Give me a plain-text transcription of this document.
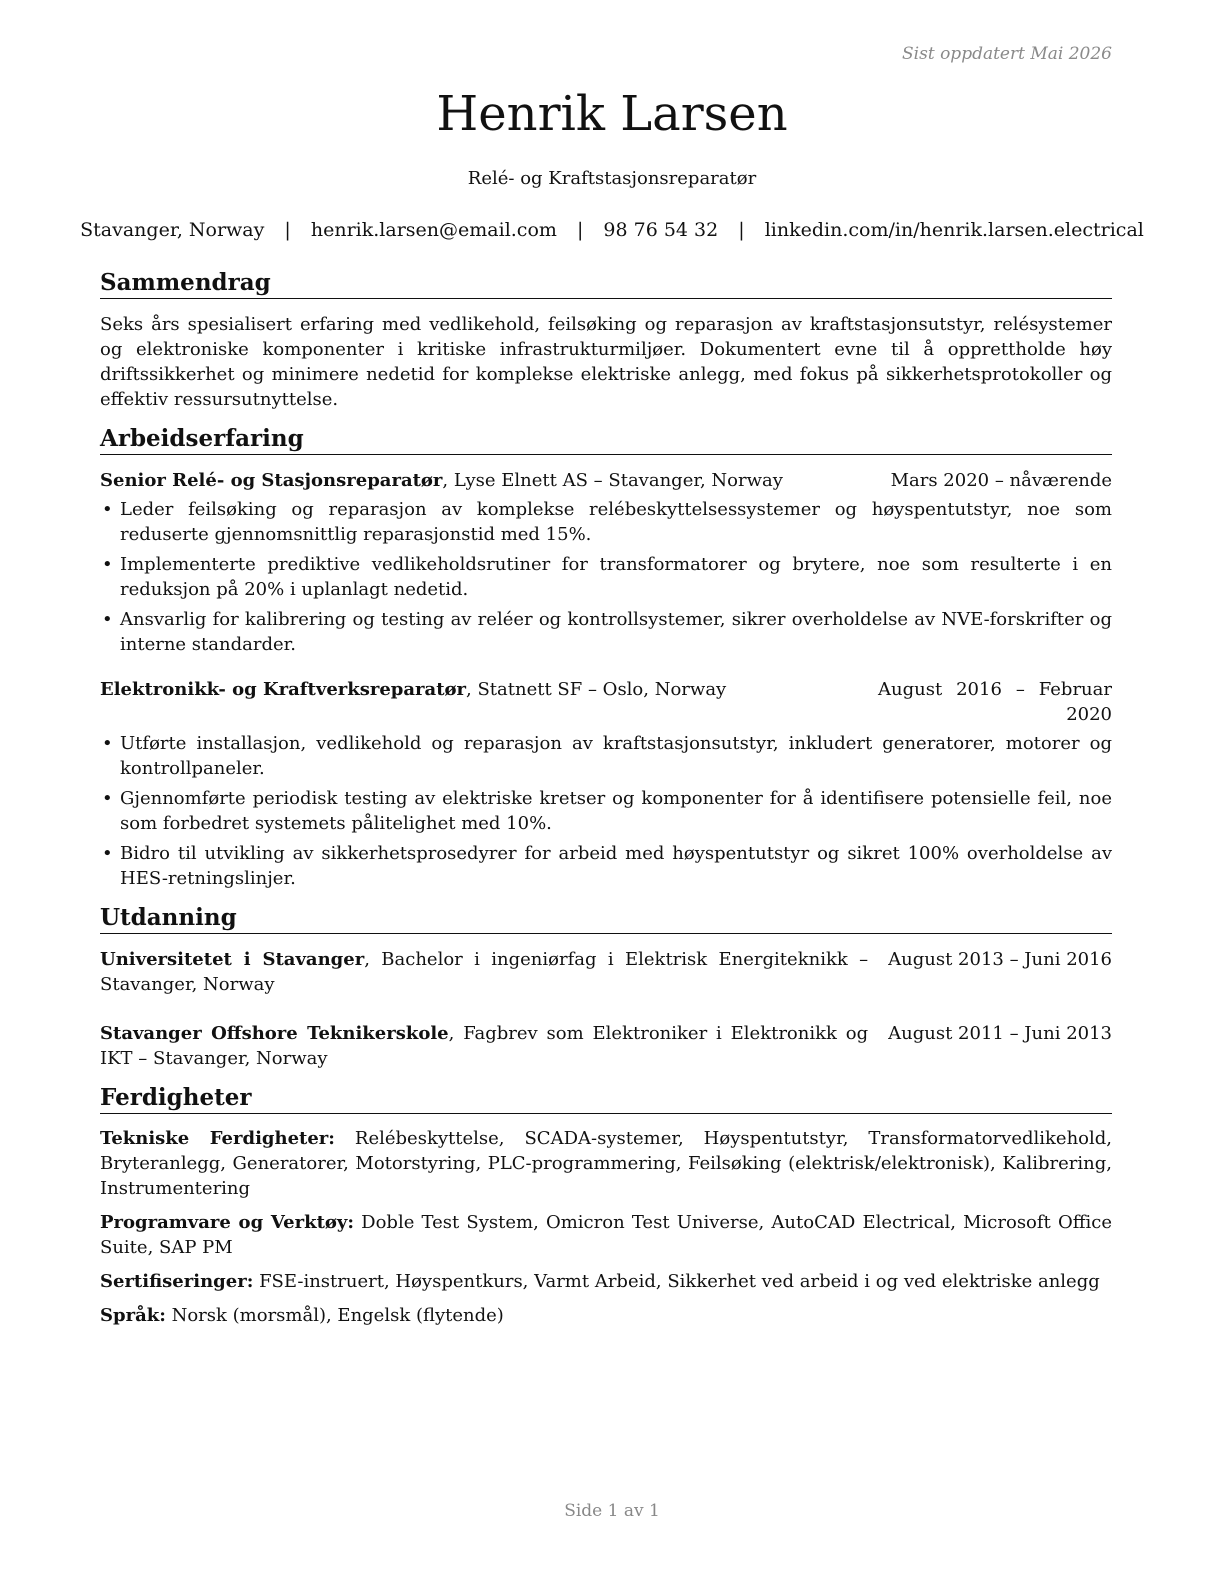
Sist oppdatert Mai 2026
Henrik Larsen
Relé- og Kraftstasjonsreparatør
Stavanger, Norway | henrik.larsen@email.com | 98 76 54 32 | linkedin.com/in/henrik.larsen.electrical
Sammendrag

Seks års spesialisert erfaring med vedlikehold, feilsøking og reparasjon av kraftstasjonsutstyr, relésystemer og elektroniske komponenter i kritiske infrastrukturmiljøer. Dokumentert evne til å opprettholde høy driftssikkerhet og minimere nedetid for komplekse elektriske anlegg, med fokus på sikkerhetsprotokoller og effektiv ressursutnyttelse.

Arbeidserfaring
Senior Relé- og Stasjonsreparatør, Lyse Elnett AS – Stavanger, Norway	Mars 2020 – nåværende
• Leder feilsøking og reparasjon av komplekse relébeskyttelsessystemer og høyspentutstyr, noe som reduserte gjennomsnittlig reparasjonstid med 15%.
• Implementerte prediktive vedlikeholdsrutiner for transformatorer og brytere, noe som resulterte i en reduksjon på 20% i uplanlagt nedetid.
• Ansvarlig for kalibrering og testing av reléer og kontrollsystemer, sikrer overholdelse av NVE-forskrifter og interne standarder.
Elektronikk- og Kraftverksreparatør, Statnett SF – Oslo, Norway	August 2016 – Februar 2020
• Utførte installasjon, vedlikehold og reparasjon av kraftstasjonsutstyr, inkludert generatorer, motorer og kontrollpaneler.
• Gjennomførte periodisk testing av elektriske kretser og komponenter for å identifisere potensielle feil, noe som forbedret systemets pålitelighet med 10%.
• Bidro til utvikling av sikkerhetsprosedyrer for arbeid med høyspentutstyr og sikret 100% overholdelse av HES-retningslinjer.
Utdanning
Universitetet i Stavanger, Bachelor i ingeniørfag i Elektrisk Energiteknikk – Stavanger, Norway
August 2013 – Juni 2016
Stavanger Offshore Teknikerskole, Fagbrev som Elektroniker i Elektronikk og IKT – Stavanger, Norway
August 2011 – Juni 2013
Ferdigheter
Tekniske Ferdigheter: Relébeskyttelse, SCADA-systemer, Høyspentutstyr, Transformatorvedlikehold, Bryteranlegg, Generatorer, Motorstyring, PLC-programmering, Feilsøking (elektrisk/elektronisk), Kalibrering, Instrumentering
Programvare og Verktøy: Doble Test System, Omicron Test Universe, AutoCAD Electrical, Microsoft Office Suite, SAP PM
Sertifiseringer: FSE-instruert, Høyspentkurs, Varmt Arbeid, Sikkerhet ved arbeid i og ved elektriske anlegg
Språk: Norsk (morsmål), Engelsk (flytende)
Side 1 av 1
